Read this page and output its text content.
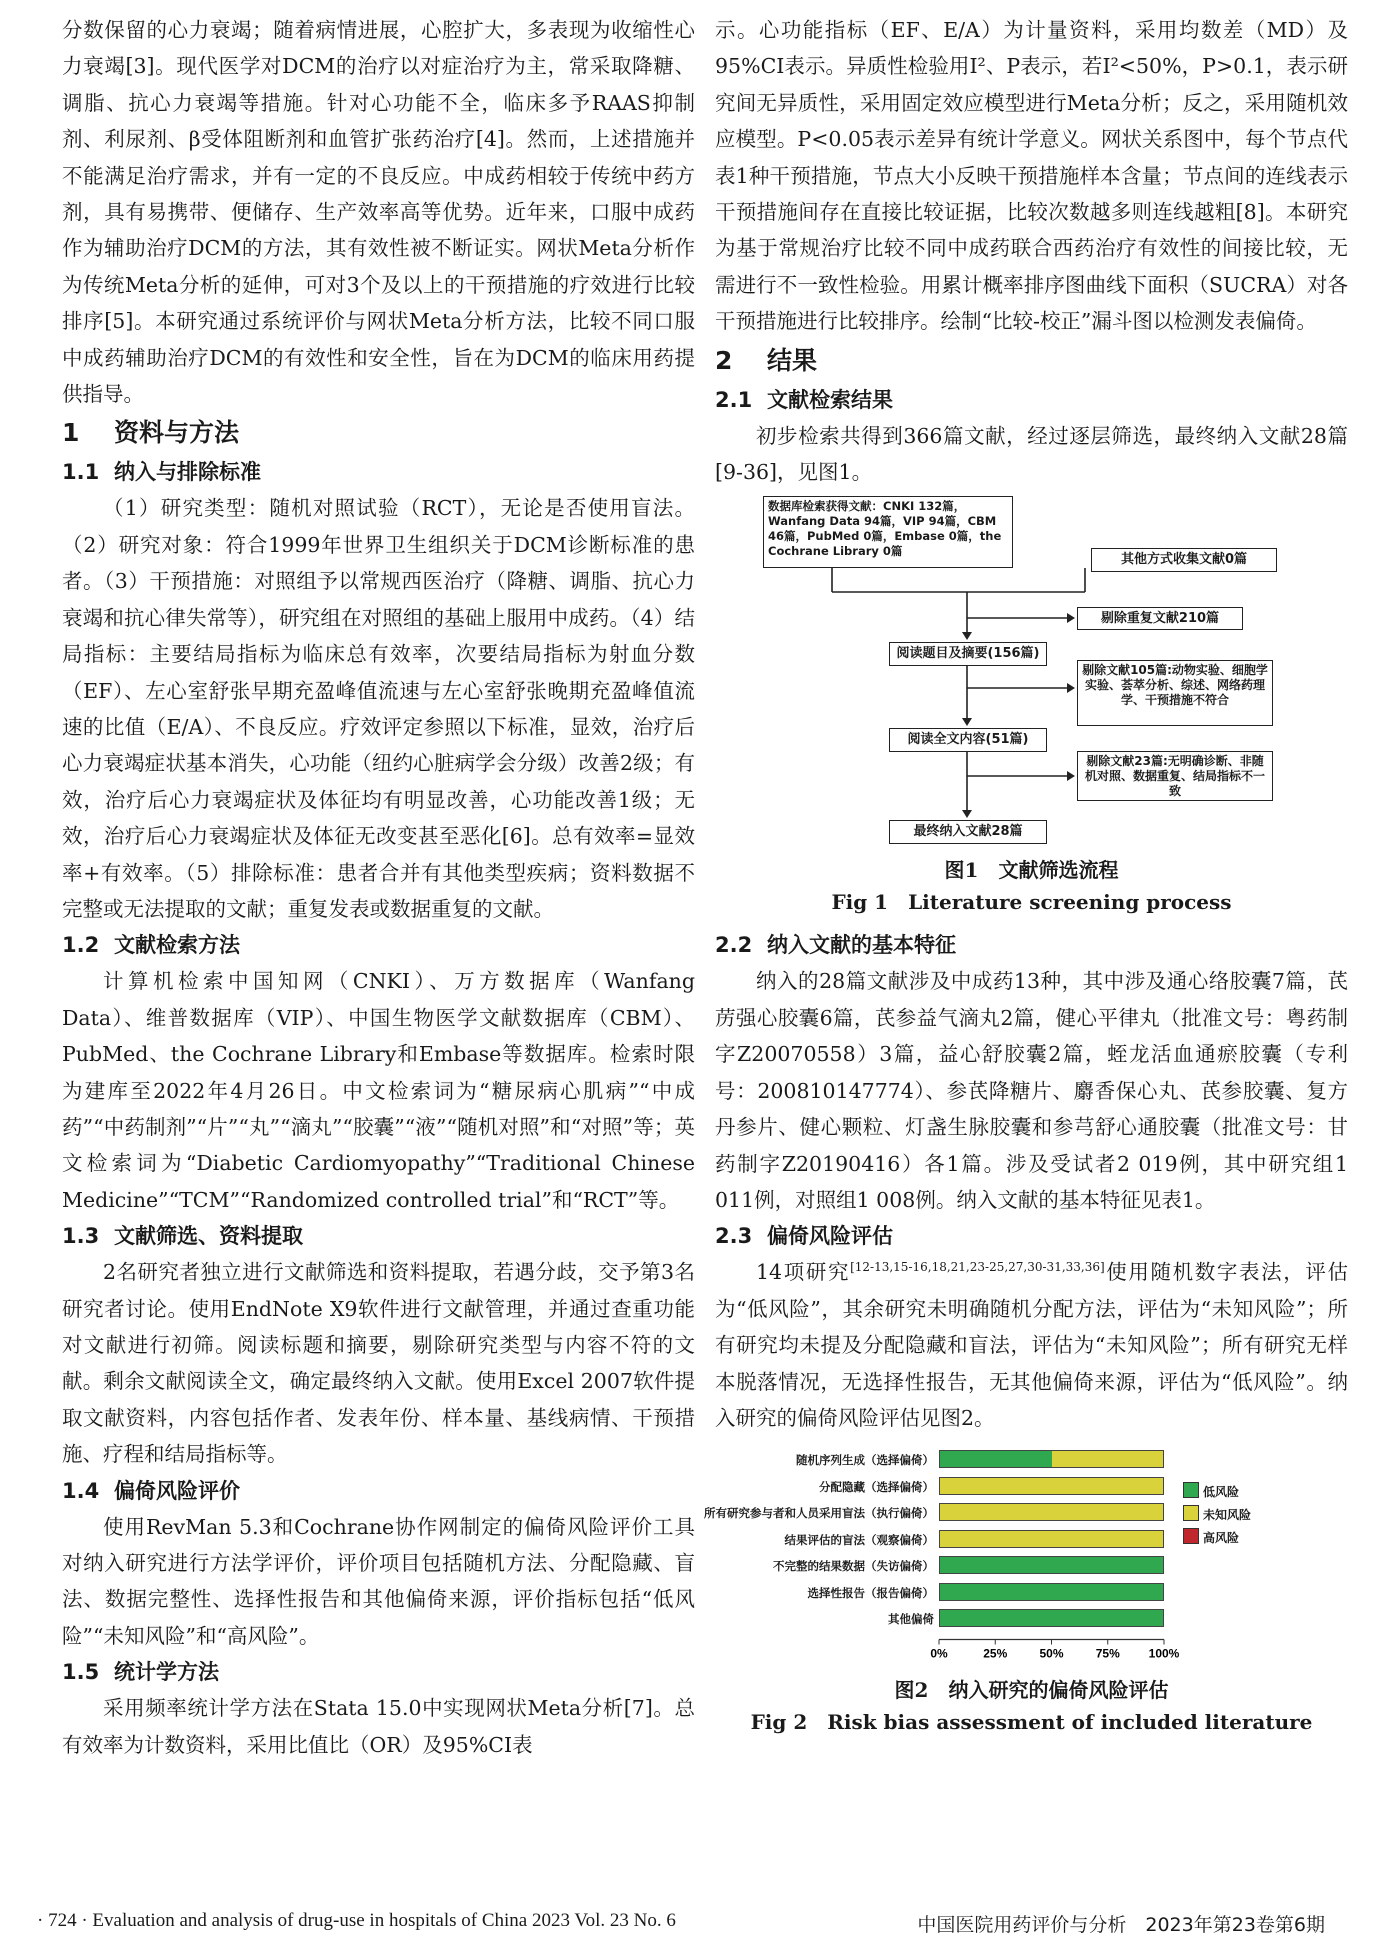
分数保留的心力衰竭；随着病情进展，心腔扩大，多表现为收缩性心力衰竭[3]。现代医学对DCM的治疗以对症治疗为主，常采取降糖、调脂、抗心力衰竭等措施。针对心功能不全，临床多予RAAS抑制剂、利尿剂、β受体阻断剂和血管扩张药治疗[4]。然而，上述措施并不能满足治疗需求，并有一定的不良反应。中成药相较于传统中药方剂，具有易携带、便储存、生产效率高等优势。近年来，口服中成药作为辅助治疗DCM的方法，其有效性被不断证实。网状Meta分析作为传统Meta分析的延伸，可对3个及以上的干预措施的疗效进行比较排序[5]。本研究通过系统评价与网状Meta分析方法，比较不同口服中成药辅助治疗DCM的有效性和安全性，旨在为DCM的临床用药提供指导。

1 资料与方法
1.1 纳入与排除标准

（1）研究类型：随机对照试验（RCT），无论是否使用盲法。（2）研究对象：符合1999年世界卫生组织关于DCM诊断标准的患者。（3）干预措施：对照组予以常规西医治疗（降糖、调脂、抗心力衰竭和抗心律失常等），研究组在对照组的基础上服用中成药。（4）结局指标：主要结局指标为临床总有效率，次要结局指标为射血分数（EF）、左心室舒张早期充盈峰值流速与左心室舒张晚期充盈峰值流速的比值（E/A）、不良反应。疗效评定参照以下标准，显效，治疗后心力衰竭症状基本消失，心功能（纽约心脏病学会分级）改善2级；有效，治疗后心力衰竭症状及体征均有明显改善，心功能改善1级；无效，治疗后心力衰竭症状及体征无改变甚至恶化[6]。总有效率=显效率+有效率。（5）排除标准：患者合并有其他类型疾病；资料数据不完整或无法提取的文献；重复发表或数据重复的文献。

1.2 文献检索方法

计算机检索中国知网（CNKI）、万方数据库（Wanfang Data）、维普数据库（VIP）、中国生物医学文献数据库（CBM）、PubMed、the Cochrane Library和Embase等数据库。检索时限为建库至2022年4月26日。中文检索词为“糖尿病心肌病”“中成药”“中药制剂”“片”“丸”“滴丸”“胶囊”“液”“随机对照”和“对照”等；英文检索词为“Diabetic Cardiomyopathy”“Traditional Chinese Medicine”“TCM”“Randomized controlled trial”和“RCT”等。

1.3 文献筛选、资料提取

2名研究者独立进行文献筛选和资料提取，若遇分歧，交予第3名研究者讨论。使用EndNote X9软件进行文献管理，并通过查重功能对文献进行初筛。阅读标题和摘要，剔除研究类型与内容不符的文献。剩余文献阅读全文，确定最终纳入文献。使用Excel 2007软件提取文献资料，内容包括作者、发表年份、样本量、基线病情、干预措施、疗程和结局指标等。

1.4 偏倚风险评价

使用RevMan 5.3和Cochrane协作网制定的偏倚风险评价工具对纳入研究进行方法学评价，评价项目包括随机方法、分配隐藏、盲法、数据完整性、选择性报告和其他偏倚来源，评价指标包括“低风险”“未知风险”和“高风险”。

1.5 统计学方法

采用频率统计学方法在Stata 15.0中实现网状Meta分析[7]。总有效率为计数资料，采用比值比（OR）及95%CI表

示。心功能指标（EF、E/A）为计量资料，采用均数差（MD）及95%CI表示。异质性检验用I²、P表示，若I²<50%，P>0.1，表示研究间无异质性，采用固定效应模型进行Meta分析；反之，采用随机效应模型。P<0.05表示差异有统计学意义。网状关系图中，每个节点代表1种干预措施，节点大小反映干预措施样本含量；节点间的连线表示干预措施间存在直接比较证据，比较次数越多则连线越粗[8]。本研究为基于常规治疗比较不同中成药联合西药治疗有效性的间接比较，无需进行不一致性检验。用累计概率排序图曲线下面积（SUCRA）对各干预措施进行比较排序。绘制“比较-校正”漏斗图以检测发表偏倚。

2 结果
2.1 文献检索结果

初步检索共得到366篇文献，经过逐层筛选，最终纳入文献28篇[9-36]，见图1。

数据库检索获得文献：CNKI 132篇，Wanfang Data 94篇，VIP 94篇，CBM 46篇，PubMed 0篇，Embase 0篇，the Cochrane Library 0篇
其他方式收集文献0篇
剔除重复文献210篇
阅读题目及摘要(156篇)
剔除文献105篇:动物实验、细胞学实验、荟萃分析、综述、网络药理学、干预措施不符合
阅读全文内容(51篇)
剔除文献23篇:无明确诊断、非随机对照、数据重复、结局指标不一致
最终纳入文献28篇
图1　文献筛选流程
Fig 1　Literature screening process
2.2 纳入文献的基本特征

纳入的28篇文献涉及中成药13种，其中涉及通心络胶囊7篇，芪苈强心胶囊6篇，芪参益气滴丸2篇，健心平律丸（批准文号：粤药制字Z20070558）3篇，益心舒胶囊2篇，蛭龙活血通瘀胶囊（专利号：200810147774）、参芪降糖片、麝香保心丸、芪参胶囊、复方丹参片、健心颗粒、灯盏生脉胶囊和参芎舒心通胶囊（批准文号：甘药制字Z20190416）各1篇。涉及受试者2 019例，其中研究组1 011例，对照组1 008例。纳入文献的基本特征见表1。

2.3 偏倚风险评估

14项研究[12-13,15-16,18,21,23-25,27,30-31,33,36]使用随机数字表法，评估为“低风险”，其余研究未明确随机分配方法，评估为“未知风险”；所有研究均未提及分配隐藏和盲法，评估为“未知风险”；所有研究无样本脱落情况，无选择性报告，无其他偏倚来源，评估为“低风险”。纳入研究的偏倚风险评估见图2。

随机序列生成（选择偏倚）
分配隐藏（选择偏倚）
所有研究参与者和人员采用盲法（执行偏倚）
结果评估的盲法（观察偏倚）
不完整的结果数据（失访偏倚）
选择性报告（报告偏倚）
其他偏倚
0%	25%	50%	75% 100%
低风险
未知风险
高风险
图2　纳入研究的偏倚风险评估
Fig 2　Risk bias assessment of included literature
· 724 · Evaluation and analysis of drug-use in hospitals of China 2023 Vol. 23 No. 6	中国医院用药评价与分析　2023年第23卷第6期
